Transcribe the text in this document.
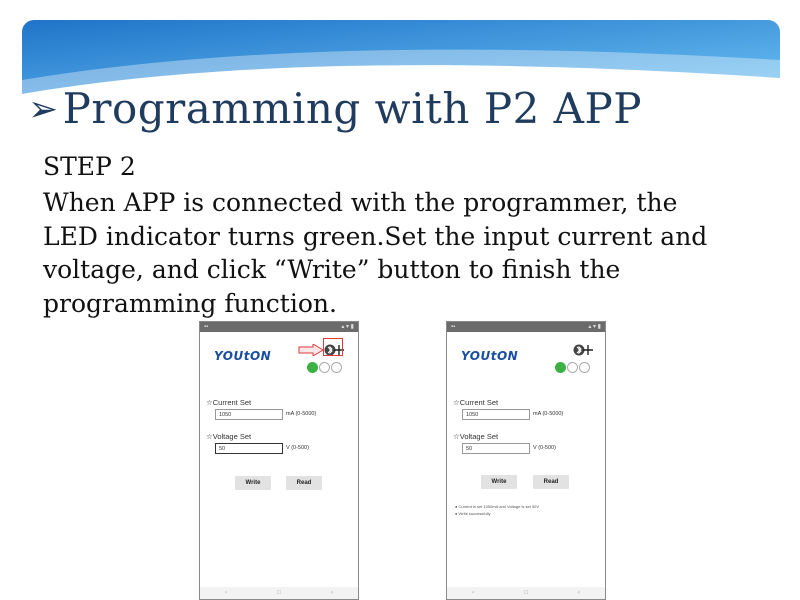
➢Programming with P2 APP
STEP 2
When APP is connected with the programmer, the
LED indicator turns green.Set the input current and
voltage, and click “Write” button to finish the
programming function.
▪▪	▴ ▾ ▮
YOUtON
☆Current Set
1050	mA (0-5000)
☆Voltage Set
50	V (0-500)
Write	Read
▫	□	‹
▪▪	▴ ▾ ▮
YOUtON
☆Current Set
1050	mA (0-5000)
☆Voltage Set
50	V (0-500)
Write	Read
● Current is set 1050mA and Voltage is set 50V
● Write successfully
▫	□	‹
